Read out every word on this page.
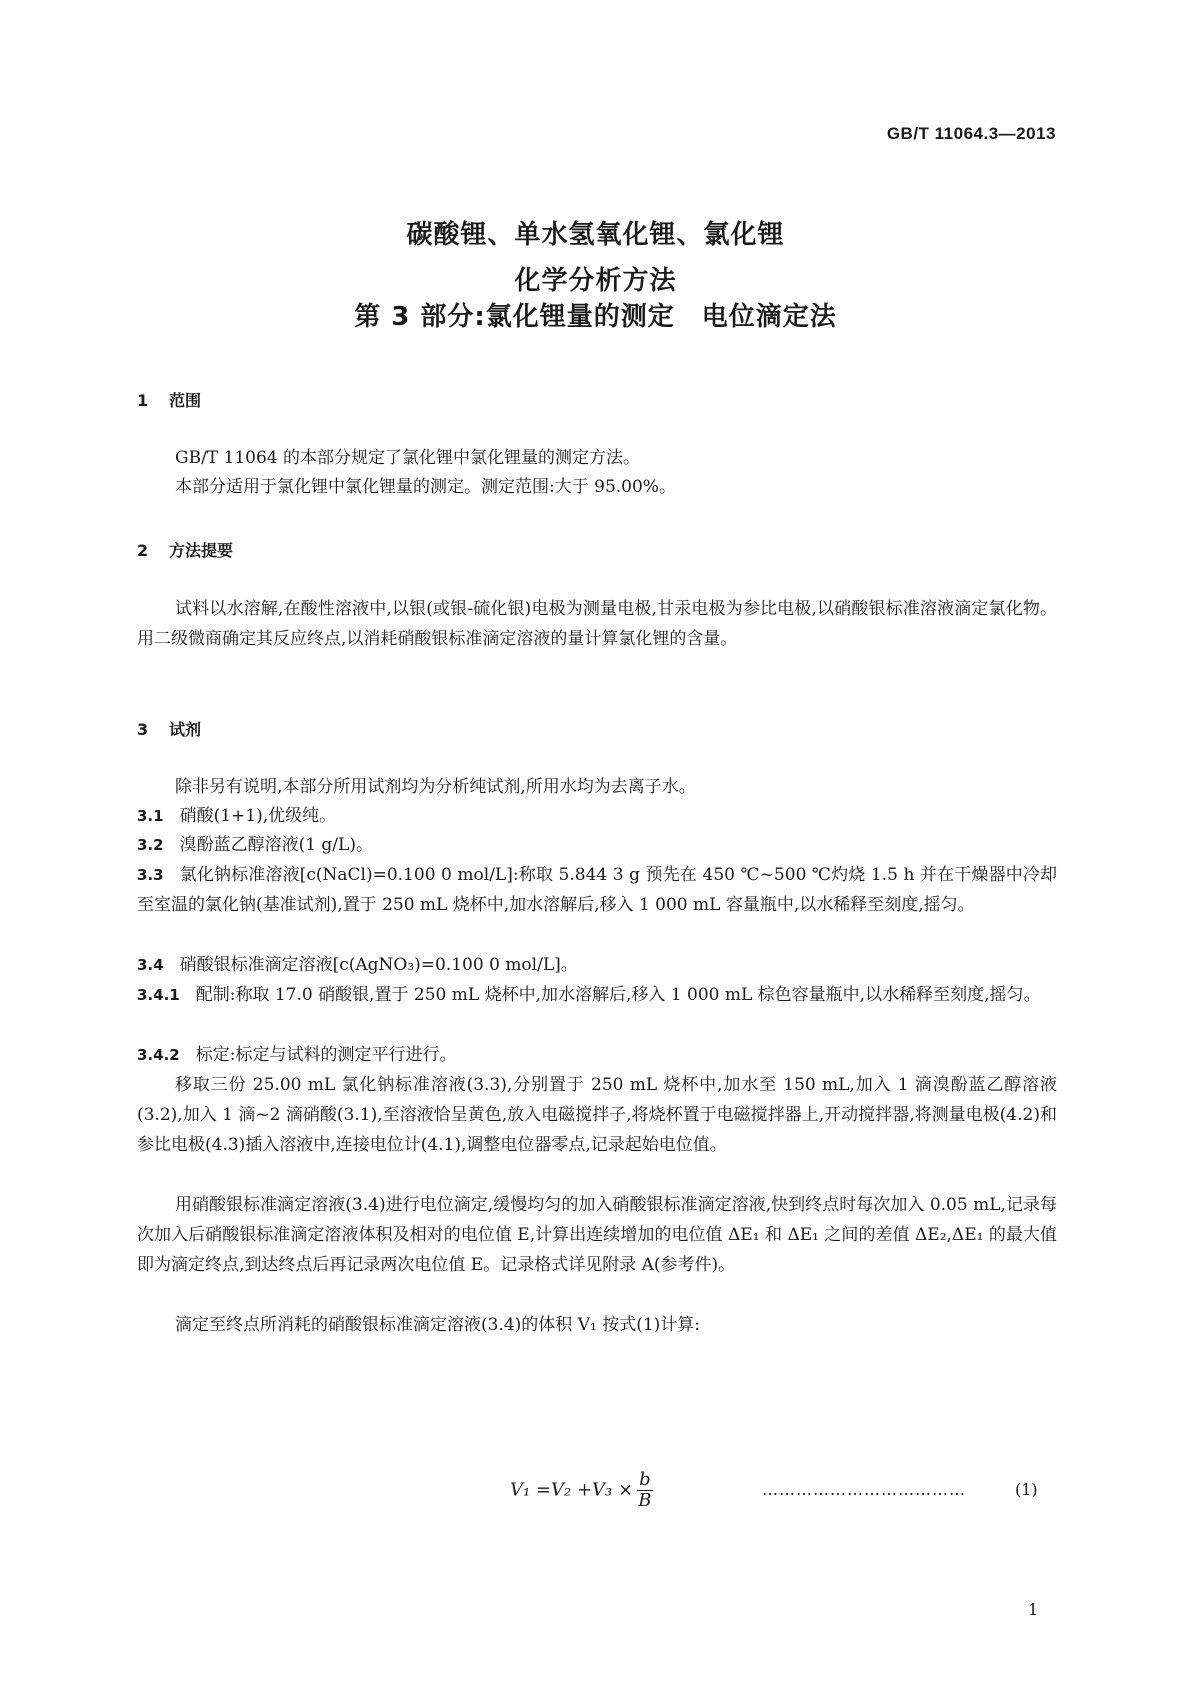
GB/T 11064.3—2013
碳酸锂、单水氢氧化锂、氯化锂
化学分析方法
第 3 部分:氯化锂量的测定　电位滴定法
1 范围
GB/T 11064 的本部分规定了氯化锂中氯化锂量的测定方法。
本部分适用于氯化锂中氯化锂量的测定。测定范围:大于 95.00%。
2 方法提要
试料以水溶解,在酸性溶液中,以银(或银-硫化银)电极为测量电极,甘汞电极为参比电极,以硝酸银标准溶液滴定氯化物。用二级微商确定其反应终点,以消耗硝酸银标准滴定溶液的量计算氯化锂的含量。
3 试剂
除非另有说明,本部分所用试剂均为分析纯试剂,所用水均为去离子水。
3.1 硝酸(1+1),优级纯。
3.2 溴酚蓝乙醇溶液(1 g/L)。
3.3 氯化钠标准溶液[c(NaCl)=0.100 0 mol/L]:称取 5.844 3 g 预先在 450 ℃~500 ℃灼烧 1.5 h 并在干燥器中冷却至室温的氯化钠(基准试剂),置于 250 mL 烧杯中,加水溶解后,移入 1 000 mL 容量瓶中,以水稀释至刻度,摇匀。
3.4 硝酸银标准滴定溶液[c(AgNO₃)=0.100 0 mol/L]。
3.4.1 配制:称取 17.0 硝酸银,置于 250 mL 烧杯中,加水溶解后,移入 1 000 mL 棕色容量瓶中,以水稀释至刻度,摇匀。
3.4.2 标定:标定与试料的测定平行进行。
移取三份 25.00 mL 氯化钠标准溶液(3.3),分别置于 250 mL 烧杯中,加水至 150 mL,加入 1 滴溴酚蓝乙醇溶液(3.2),加入 1 滴~2 滴硝酸(3.1),至溶液恰呈黄色,放入电磁搅拌子,将烧杯置于电磁搅拌器上,开动搅拌器,将测量电极(4.2)和参比电极(4.3)插入溶液中,连接电位计(4.1),调整电位器零点,记录起始电位值。
用硝酸银标准滴定溶液(3.4)进行电位滴定,缓慢均匀的加入硝酸银标准滴定溶液,快到终点时每次加入 0.05 mL,记录每次加入后硝酸银标准滴定溶液体积及相对的电位值 E,计算出连续增加的电位值 ΔE₁ 和 ΔE₁ 之间的差值 ΔE₂,ΔE₁ 的最大值即为滴定终点,到达终点后再记录两次电位值 E。记录格式详见附录 A(参考件)。
滴定至终点所消耗的硝酸银标准滴定溶液(3.4)的体积 V₁ 按式(1)计算:
$V_1 =V_2 +V_3 \times \frac{b}{B}$	………………………………	(1)
1
